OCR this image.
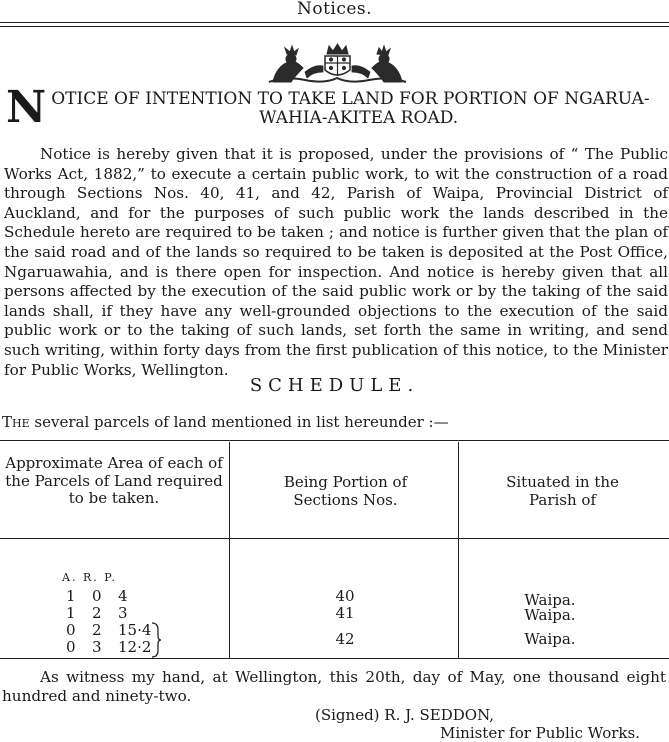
Notices.
N OTICE OF INTENTION TO TAKE LAND FOR PORTION OF NGARUA-
WAHIA-AKITEA ROAD.
Notice is hereby given that it is proposed, under the provisions of “ The Public Works Act, 1882,” to execute a certain public work, to wit the construction of a road through Sections Nos. 40, 41, and 42, Parish of Waipa, Provincial District of Auckland, and for the purposes of such public work the lands described in the Schedule hereto are required to be taken ; and notice is further given that the plan of the said road and of the lands so required to be taken is deposited at the Post Office, Ngaruawahia, and is there open for inspection. And notice is hereby given that all persons affected by the execution of the said public work or by the taking of the said lands shall, if they have any well-grounded objections to the execution of the said public work or to the taking of such lands, set forth the same in writing, and send such writing, within forty days from the first publication of this notice, to the Minister for Public Works, Wellington.
SCHEDULE.
The several parcels of land mentioned in list hereunder :—
Approximate Area of each of the Parcels of Land required to be taken.
Being Portion of Sections Nos.
Situated in the Parish of
A. R. P.
1 0 4
1 2 3
0 2 15·4
0 3 12·2
40
41
42
Waipa.
Waipa.
Waipa.
As witness my hand, at Wellington, this 20th, day of May, one thousand eight hundred and ninety-two.
(Signed) R. J. SEDDON,
Minister for Public Works.
